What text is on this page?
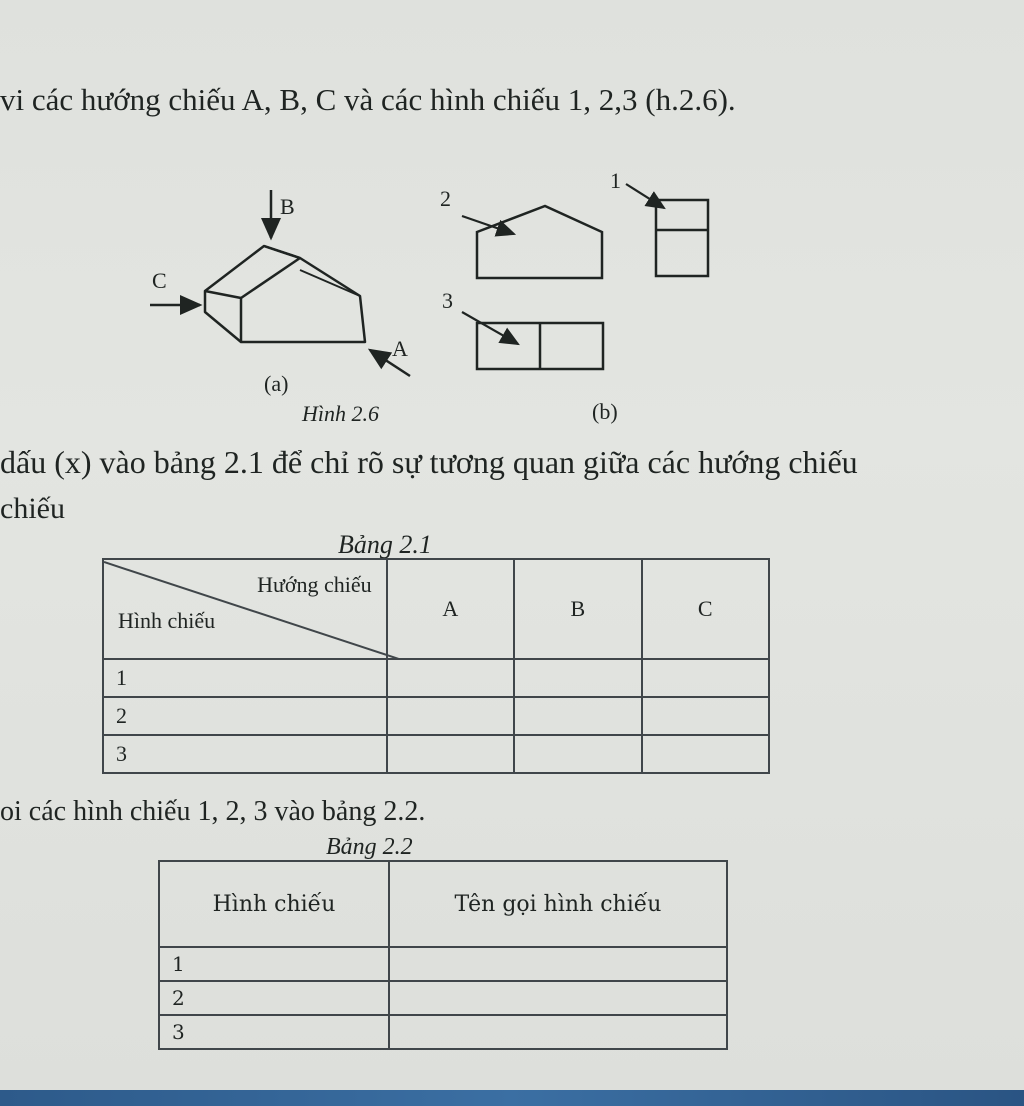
vi các hướng chiếu A, B, C và các hình chiếu 1, 2,3 (h.2.6).
B
C
A
(a)
Hình 2.6	(b)
2
1
3
dấu (x) vào bảng 2.1 để chỉ rõ sự tương quan giữa các hướng chiếu
chiếu
Bảng 2.1
Hướng chiếu
Hình chiếu	A	B	C
1			
2			
3			
oi các hình chiếu 1, 2, 3 vào bảng 2.2.
Bảng 2.2
Hình chiếu	Tên gọi hình chiếu
1	
2	
3	
